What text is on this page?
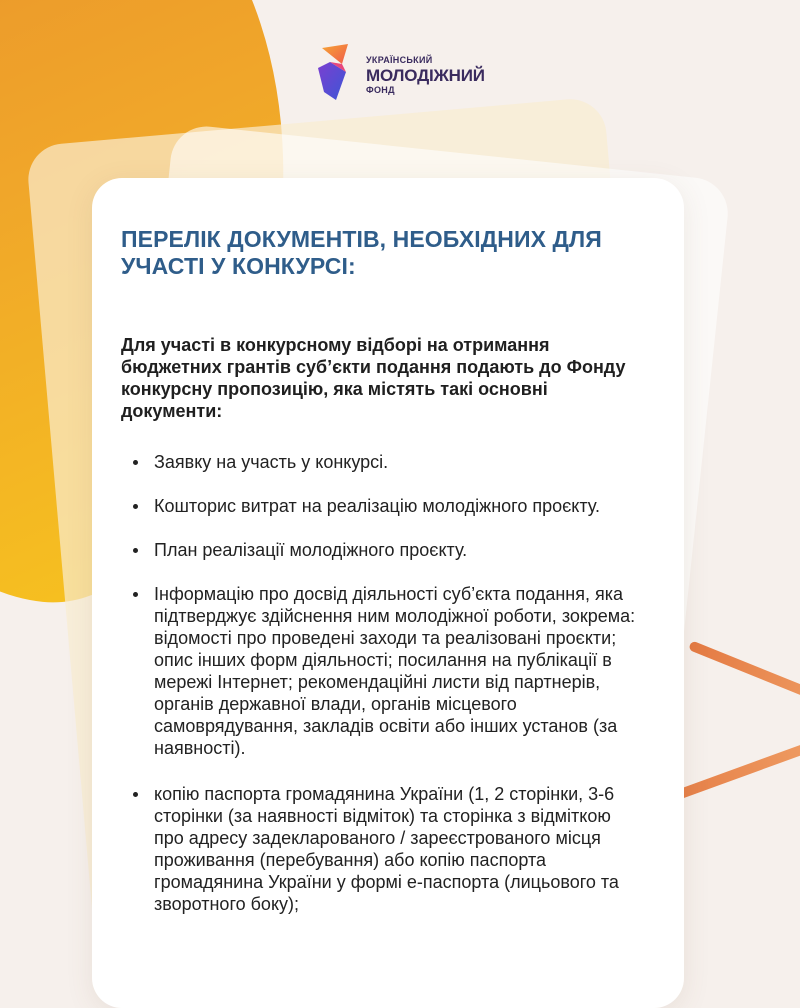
УКРАЇНСЬКИЙ
МОЛОДІЖНИЙ
ФОНД
ПЕРЕЛІК ДОКУМЕНТІВ, НЕОБХІДНИХ ДЛЯ УЧАСТІ У КОНКУРСІ:

Для участі в конкурсному відборі на отримання бюджетних грантів суб’єкти подання подають до Фонду конкурсну пропозицію, яка містять такі основні документи:

Заявку на участь у конкурсі.
Кошторис витрат на реалізацію молодіжного проєкту.
План реалізації молодіжного проєкту.
Інформацію про досвід діяльності суб’єкта подання, яка підтверджує здійснення ним молодіжної роботи, зокрема: відомості про проведені заходи та реалізовані проєкти; опис інших форм діяльності; посилання на публікації в мережі Інтернет; рекомендаційні листи від партнерів, органів державної влади, органів місцевого самоврядування, закладів освіти або інших установ (за наявності).
копію паспорта громадянина України (1, 2 сторінки, 3-6 сторінки (за наявності відміток) та сторінка з відміткою про адресу задекларованого / зареєстрованого місця проживання (перебування) або копію паспорта громадянина України у формі е-паспорта (лицьового та зворотного боку);
